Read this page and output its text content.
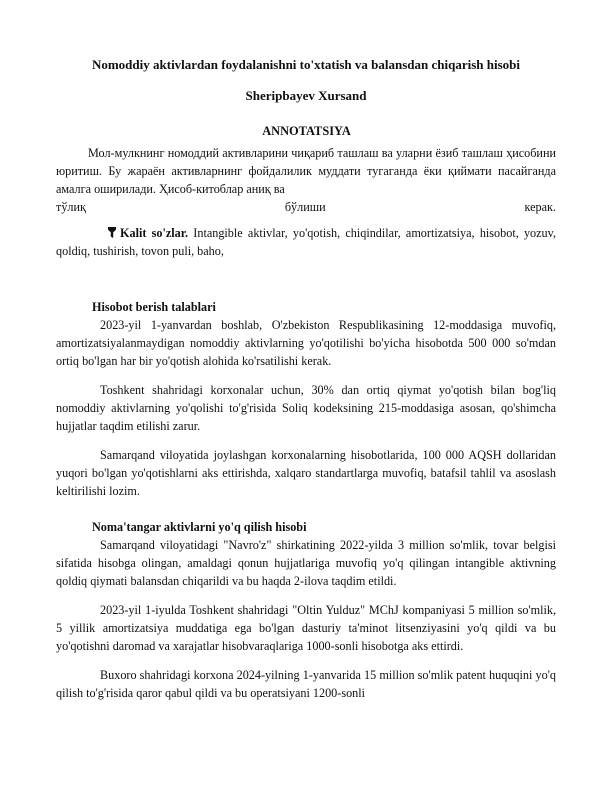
Nomoddiy aktivlardan foydalanishni to'xtatish va balansdan chiqarish hisobi

Sheripbayev Xursand

ANNOTATSIYA

Мол-мулкнинг номоддий активларини чиқариб ташлаш ва уларни ёзиб ташлаш ҳисобини юритиш. Бу жараён активларнинг фойдалилик муддати тугаганда ёки қиймати пасайганда амалга оширилади. Ҳисоб-китоблар аниқ ва

тўлиқ	бўлиши	керак.

Kalit so'zlar. Intangible aktivlar, yo'qotish, chiqindilar, amortizatsiya, hisobot, yozuv, qoldiq, tushirish, tovon puli, baho,

Hisobot berish talablari

2023-yil 1-yanvardan boshlab, O'zbekiston Respublikasining 12-moddasiga muvofiq, amortizatsiyalanmaydigan nomoddiy aktivlarning yo'qotilishi bo'yicha hisobotda 500 000 so'mdan ortiq bo'lgan har bir yo'qotish alohida ko'rsatilishi kerak.

Toshkent shahridagi korxonalar uchun, 30% dan ortiq qiymat yo'qotish bilan bog'liq nomoddiy aktivlarning yo'qolishi to'g'risida Soliq kodeksining 215-moddasiga asosan, qo'shimcha hujjatlar taqdim etilishi zarur.

Samarqand viloyatida joylashgan korxonalarning hisobotlarida, 100 000 AQSH dollaridan yuqori bo'lgan yo'qotishlarni aks ettirishda, xalqaro standartlarga muvofiq, batafsil tahlil va asoslash keltirilishi lozim.

Noma'tangar aktivlarni yo'q qilish hisobi

Samarqand viloyatidagi "Navro'z" shirkatining 2022-yilda 3 million so'mlik, tovar belgisi sifatida hisobga olingan, amaldagi qonun hujjatlariga muvofiq yo'q qilingan intangible aktivning qoldiq qiymati balansdan chiqarildi va bu haqda 2-ilova taqdim etildi.

2023-yil 1-iyulda Toshkent shahridagi "Oltin Yulduz" MChJ kompaniyasi 5 million so'mlik, 5 yillik amortizatsiya muddatiga ega bo'lgan dasturiy ta'minot litsenziyasini yo'q qildi va bu yo'qotishni daromad va xarajatlar hisobvaraqlariga 1000-sonli hisobotga aks ettirdi.

Buxoro shahridagi korxona 2024-yilning 1-yanvarida 15 million so'mlik patent huquqini yo'q qilish to'g'risida qaror qabul qildi va bu operatsiyani 1200-sonli
